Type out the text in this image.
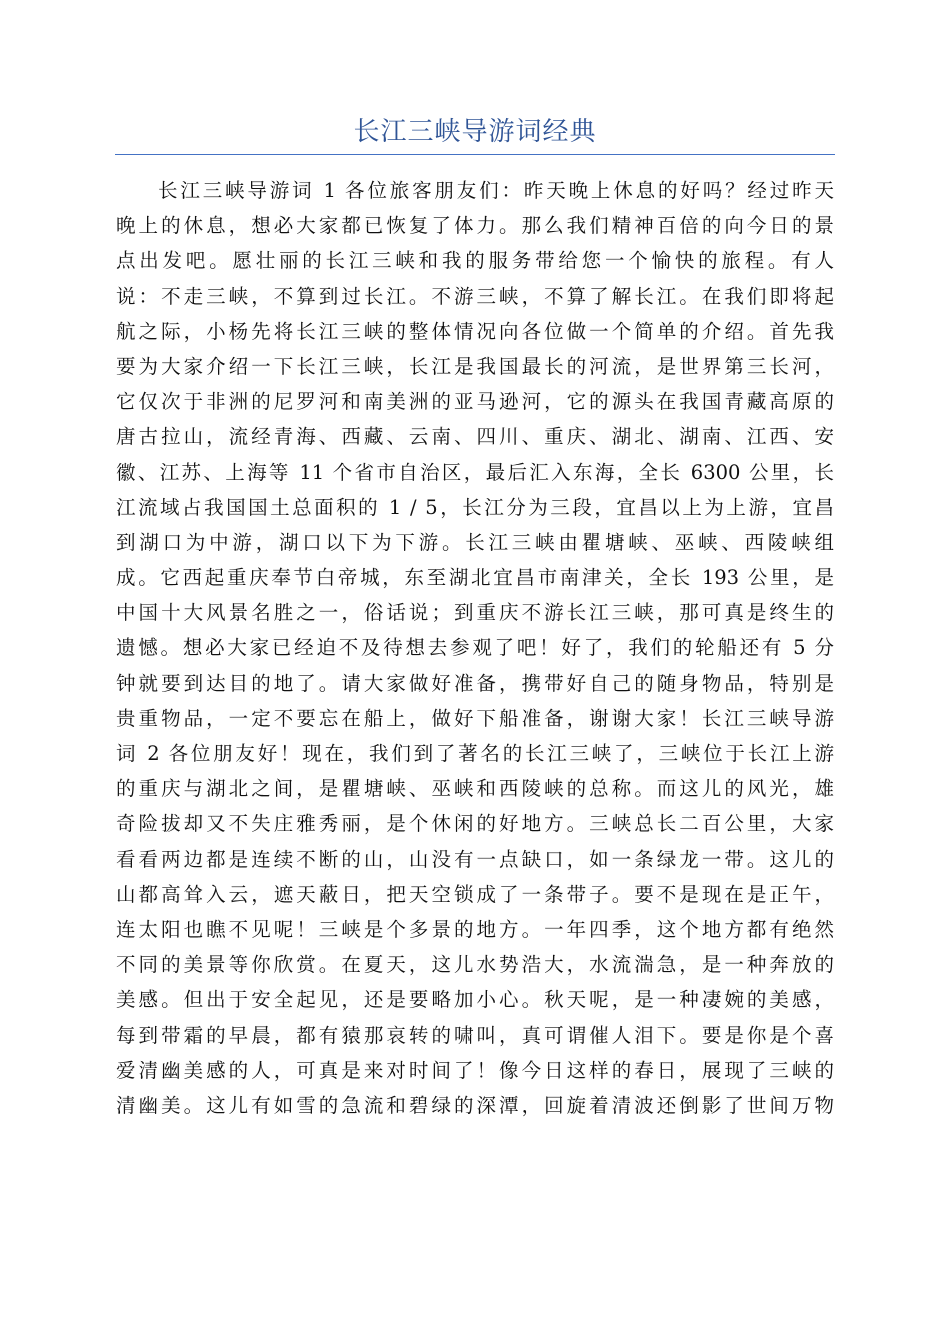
长江三峡导游词经典
长江三峡导游词 1 各位旅客朋友们：昨天晚上休息的好吗？经过昨天
晚上的休息，想必大家都已恢复了体力。那么我们精神百倍的向今日的景
点出发吧。愿壮丽的长江三峡和我的服务带给您一个愉快的旅程。有人
说：不走三峡，不算到过长江。不游三峡，不算了解长江。在我们即将起
航之际，小杨先将长江三峡的整体情况向各位做一个简单的介绍。首先我
要为大家介绍一下长江三峡，长江是我国最长的河流，是世界第三长河，
它仅次于非洲的尼罗河和南美洲的亚马逊河，它的源头在我国青藏高原的
唐古拉山，流经青海、西藏、云南、四川、重庆、湖北、湖南、江西、安
徽、江苏、上海等 11 个省市自治区，最后汇入东海，全长 6300 公里，长
江流域占我国国土总面积的 1 / 5，长江分为三段，宜昌以上为上游，宜昌
到湖口为中游，湖口以下为下游。长江三峡由瞿塘峡、巫峡、西陵峡组
成。它西起重庆奉节白帝城，东至湖北宜昌市南津关，全长 193 公里，是
中国十大风景名胜之一，俗话说；到重庆不游长江三峡，那可真是终生的
遗憾。想必大家已经迫不及待想去参观了吧！好了，我们的轮船还有 5 分
钟就要到达目的地了。请大家做好准备，携带好自己的随身物品，特别是
贵重物品，一定不要忘在船上，做好下船准备，谢谢大家！长江三峡导游
词 2 各位朋友好！现在，我们到了著名的长江三峡了，三峡位于长江上游
的重庆与湖北之间，是瞿塘峡、巫峡和西陵峡的总称。而这儿的风光，雄
奇险拔却又不失庄雅秀丽，是个休闲的好地方。三峡总长二百公里，大家
看看两边都是连续不断的山，山没有一点缺口，如一条绿龙一带。这儿的
山都高耸入云，遮天蔽日，把天空锁成了一条带子。要不是现在是正午，
连太阳也瞧不见呢！三峡是个多景的地方。一年四季，这个地方都有绝然
不同的美景等你欣赏。在夏天，这儿水势浩大，水流湍急，是一种奔放的
美感。但出于安全起见，还是要略加小心。秋天呢，是一种凄婉的美感，
每到带霜的早晨，都有猿那哀转的啸叫，真可谓催人泪下。要是你是个喜
爱清幽美感的人，可真是来对时间了！像今日这样的春日，展现了三峡的
清幽美。这儿有如雪的急流和碧绿的深潭，回旋着清波还倒影了世间万物
